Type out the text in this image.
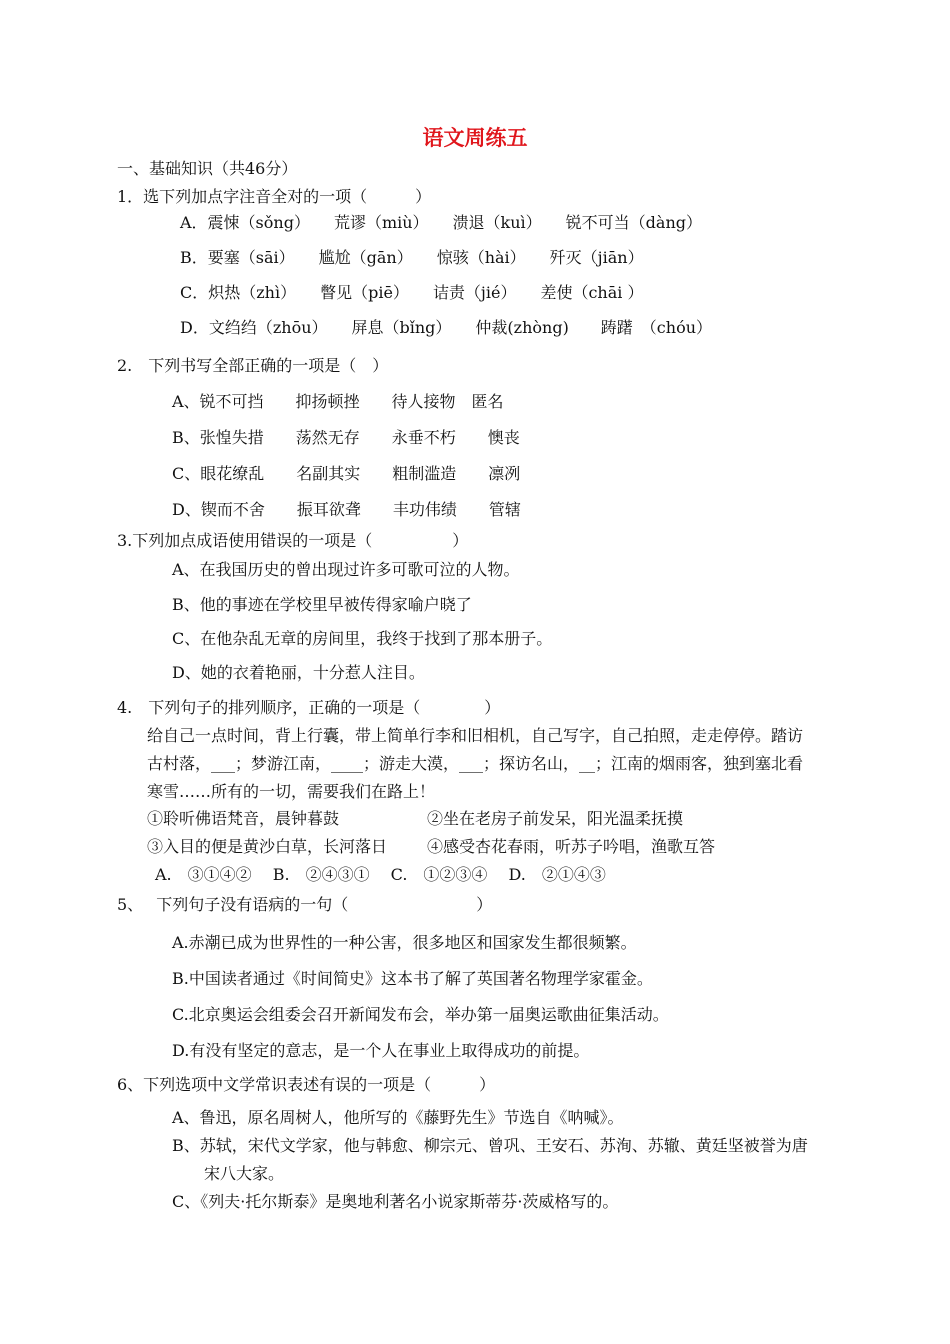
语文周练五
一、基础知识（共46分）
1．选下列加点字注音全对的一项（　　　）
A．震悚（sǒng）　　荒谬（miù）　　溃退（kuì）　　锐不可当（dàng）
B．要塞（sāi）　　尴尬（gān）　　惊骇（hài）　　歼灭（jiān）
C．炽热（zhì）　　瞥见（piē）　　诘责（jié）　　差使（chāi ）
D．文绉绉（zhōu）　　屏息（bǐng）　　仲裁(zhòng)　　踌躇　（chóu）
2.　下列书写全部正确的一项是（　）
A、锐不可挡　　抑扬顿挫　　待人接物　匿名
B、张惶失措　　荡然无存　　永垂不朽　　懊丧
C、眼花缭乱　　名副其实　　粗制滥造　　凛冽
D、锲而不舍　　振耳欲聋　　丰功伟绩　　管辖
3.下列加点成语使用错误的一项是（　　　　　）
A、在我国历史的曾出现过许多可歌可泣的人物。
B、他的事迹在学校里早被传得家喻户晓了
C、在他杂乱无章的房间里，我终于找到了那本册子。
D、她的衣着艳丽，十分惹人注目。
4.　下列句子的排列顺序，正确的一项是（　　　　）
给自己一点时间，背上行囊，带上简单行李和旧相机，自己写字，自己拍照，走走停停。踏访
古村落，___；梦游江南，____；游走大漠，___；探访名山，__；江南的烟雨客，独到塞北看
寒雪……所有的一切，需要我们在路上！
①聆听佛语梵音，晨钟暮鼓	②坐在老房子前发呆，阳光温柔抚摸
③入目的便是黄沙白草，长河落日 ④感受杏花春雨，听苏子吟唱，渔歌互答
A.　③①④②　 B.　②④③①　 C.　①②③④　 D.　②①④③
5、　 下列句子没有语病的一句（　　　　　　　　）
A.赤潮已成为世界性的一种公害，很多地区和国家发生都很频繁。
B.中国读者通过《时间简史》这本书了解了英国著名物理学家霍金。
C.北京奥运会组委会召开新闻发布会，举办第一届奥运歌曲征集活动。
D.有没有坚定的意志，是一个人在事业上取得成功的前提。
6、下列选项中文学常识表述有误的一项是（　　　）
A、鲁迅，原名周树人，他所写的《藤野先生》节选自《呐喊》。
B、苏轼，宋代文学家，他与韩愈、柳宗元、曾巩、王安石、苏洵、苏辙、黄廷坚被誉为唐
宋八大家。
C、《列夫·托尔斯泰》是奥地利著名小说家斯蒂芬·茨威格写的。
